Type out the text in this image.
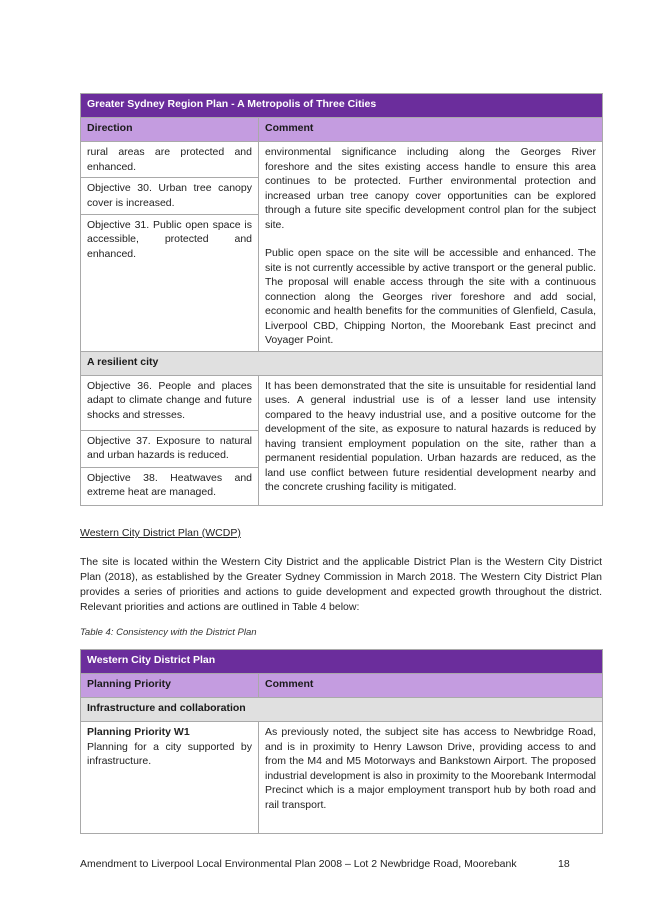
Greater Sydney Region Plan - A Metropolis of Three Cities	
Direction	Comment
rural areas are protected and enhanced.	environmental significance including along the Georges River foreshore and the sites existing access handle to ensure this area continues to be protected. Further environmental protection and increased urban tree canopy cover opportunities can be explored through a future site specific development control plan for the subject site.

Public open space on the site will be accessible and enhanced. The site is not currently accessible by active transport or the general public. The proposal will enable access through the site with a continuous connection along the Georges river foreshore and add social, economic and health benefits for the communities of Glenfield, Casula, Liverpool CBD, Chipping Norton, the Moorebank East precinct and Voyager Point.

Objective 30. Urban tree canopy cover is increased.	
Objective 31. Public open space is accessible, protected and enhanced.	
A resilient city	
Objective 36. People and places adapt to climate change and future shocks and stresses.	It has been demonstrated that the site is unsuitable for residential land uses. A general industrial use is of a lesser land use intensity compared to the heavy industrial use, and a positive outcome for the development of the site, as exposure to natural hazards is reduced by having transient employment population on the site, rather than a permanent residential population. Urban hazards are reduced, as the land use conflict between future residential development nearby and the concrete crushing facility is mitigated.
Objective 37. Exposure to natural and urban hazards is reduced.	
Objective 38. Heatwaves and extreme heat are managed.	
Western City District Plan (WCDP)

The site is located within the Western City District and the applicable District Plan is the Western City District Plan (2018), as established by the Greater Sydney Commission in March 2018. The Western City District Plan provides a series of priorities and actions to guide development and expected growth throughout the district. Relevant priorities and actions are outlined in Table 4 below:

Table 4: Consistency with the District Plan
Western City District Plan	
Planning Priority	Comment
Infrastructure and collaboration	

Planning Priority W1
Planning for a city supported by infrastructure.	As previously noted, the subject site has access to Newbridge Road, and is in proximity to Henry Lawson Drive, providing access to and from the M4 and M5 Motorways and Bankstown Airport. The proposed industrial development is also in proximity to the Moorebank Intermodal Precinct which is a major employment transport hub by both road and rail transport.
Amendment to Liverpool Local Environmental Plan 2008 – Lot 2 Newbridge Road, Moorebank	18
